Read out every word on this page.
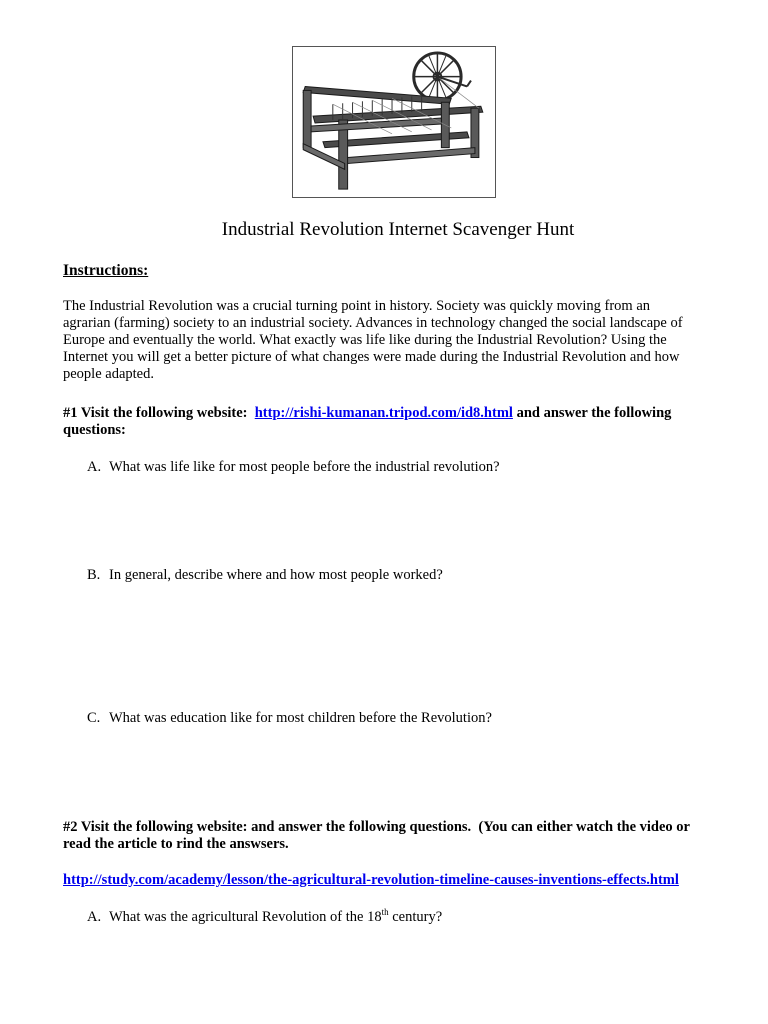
Industrial Revolution Internet Scavenger Hunt
Instructions:
The Industrial Revolution was a crucial turning point in history. Society was quickly moving from an
agrarian (farming) society to an industrial society. Advances in technology changed the social landscape of
Europe and eventually the world. What exactly was life like during the Industrial Revolution? Using the
Internet you will get a better picture of what changes were made during the Industrial Revolution and how
people adapted.
#1 Visit the following website:  http://rishi-kumanan.tripod.com/id8.html and answer the following
questions:
A. What was life like for most people before the industrial revolution?
B. In general, describe where and how most people worked?
C. What was education like for most children before the Revolution?
#2 Visit the following website: and answer the following questions.  (You can either watch the video or
read the article to rind the answsers.
http://study.com/academy/lesson/the-agricultural-revolution-timeline-causes-inventions-effects.html
A. What was the agricultural Revolution of the 18th century?
